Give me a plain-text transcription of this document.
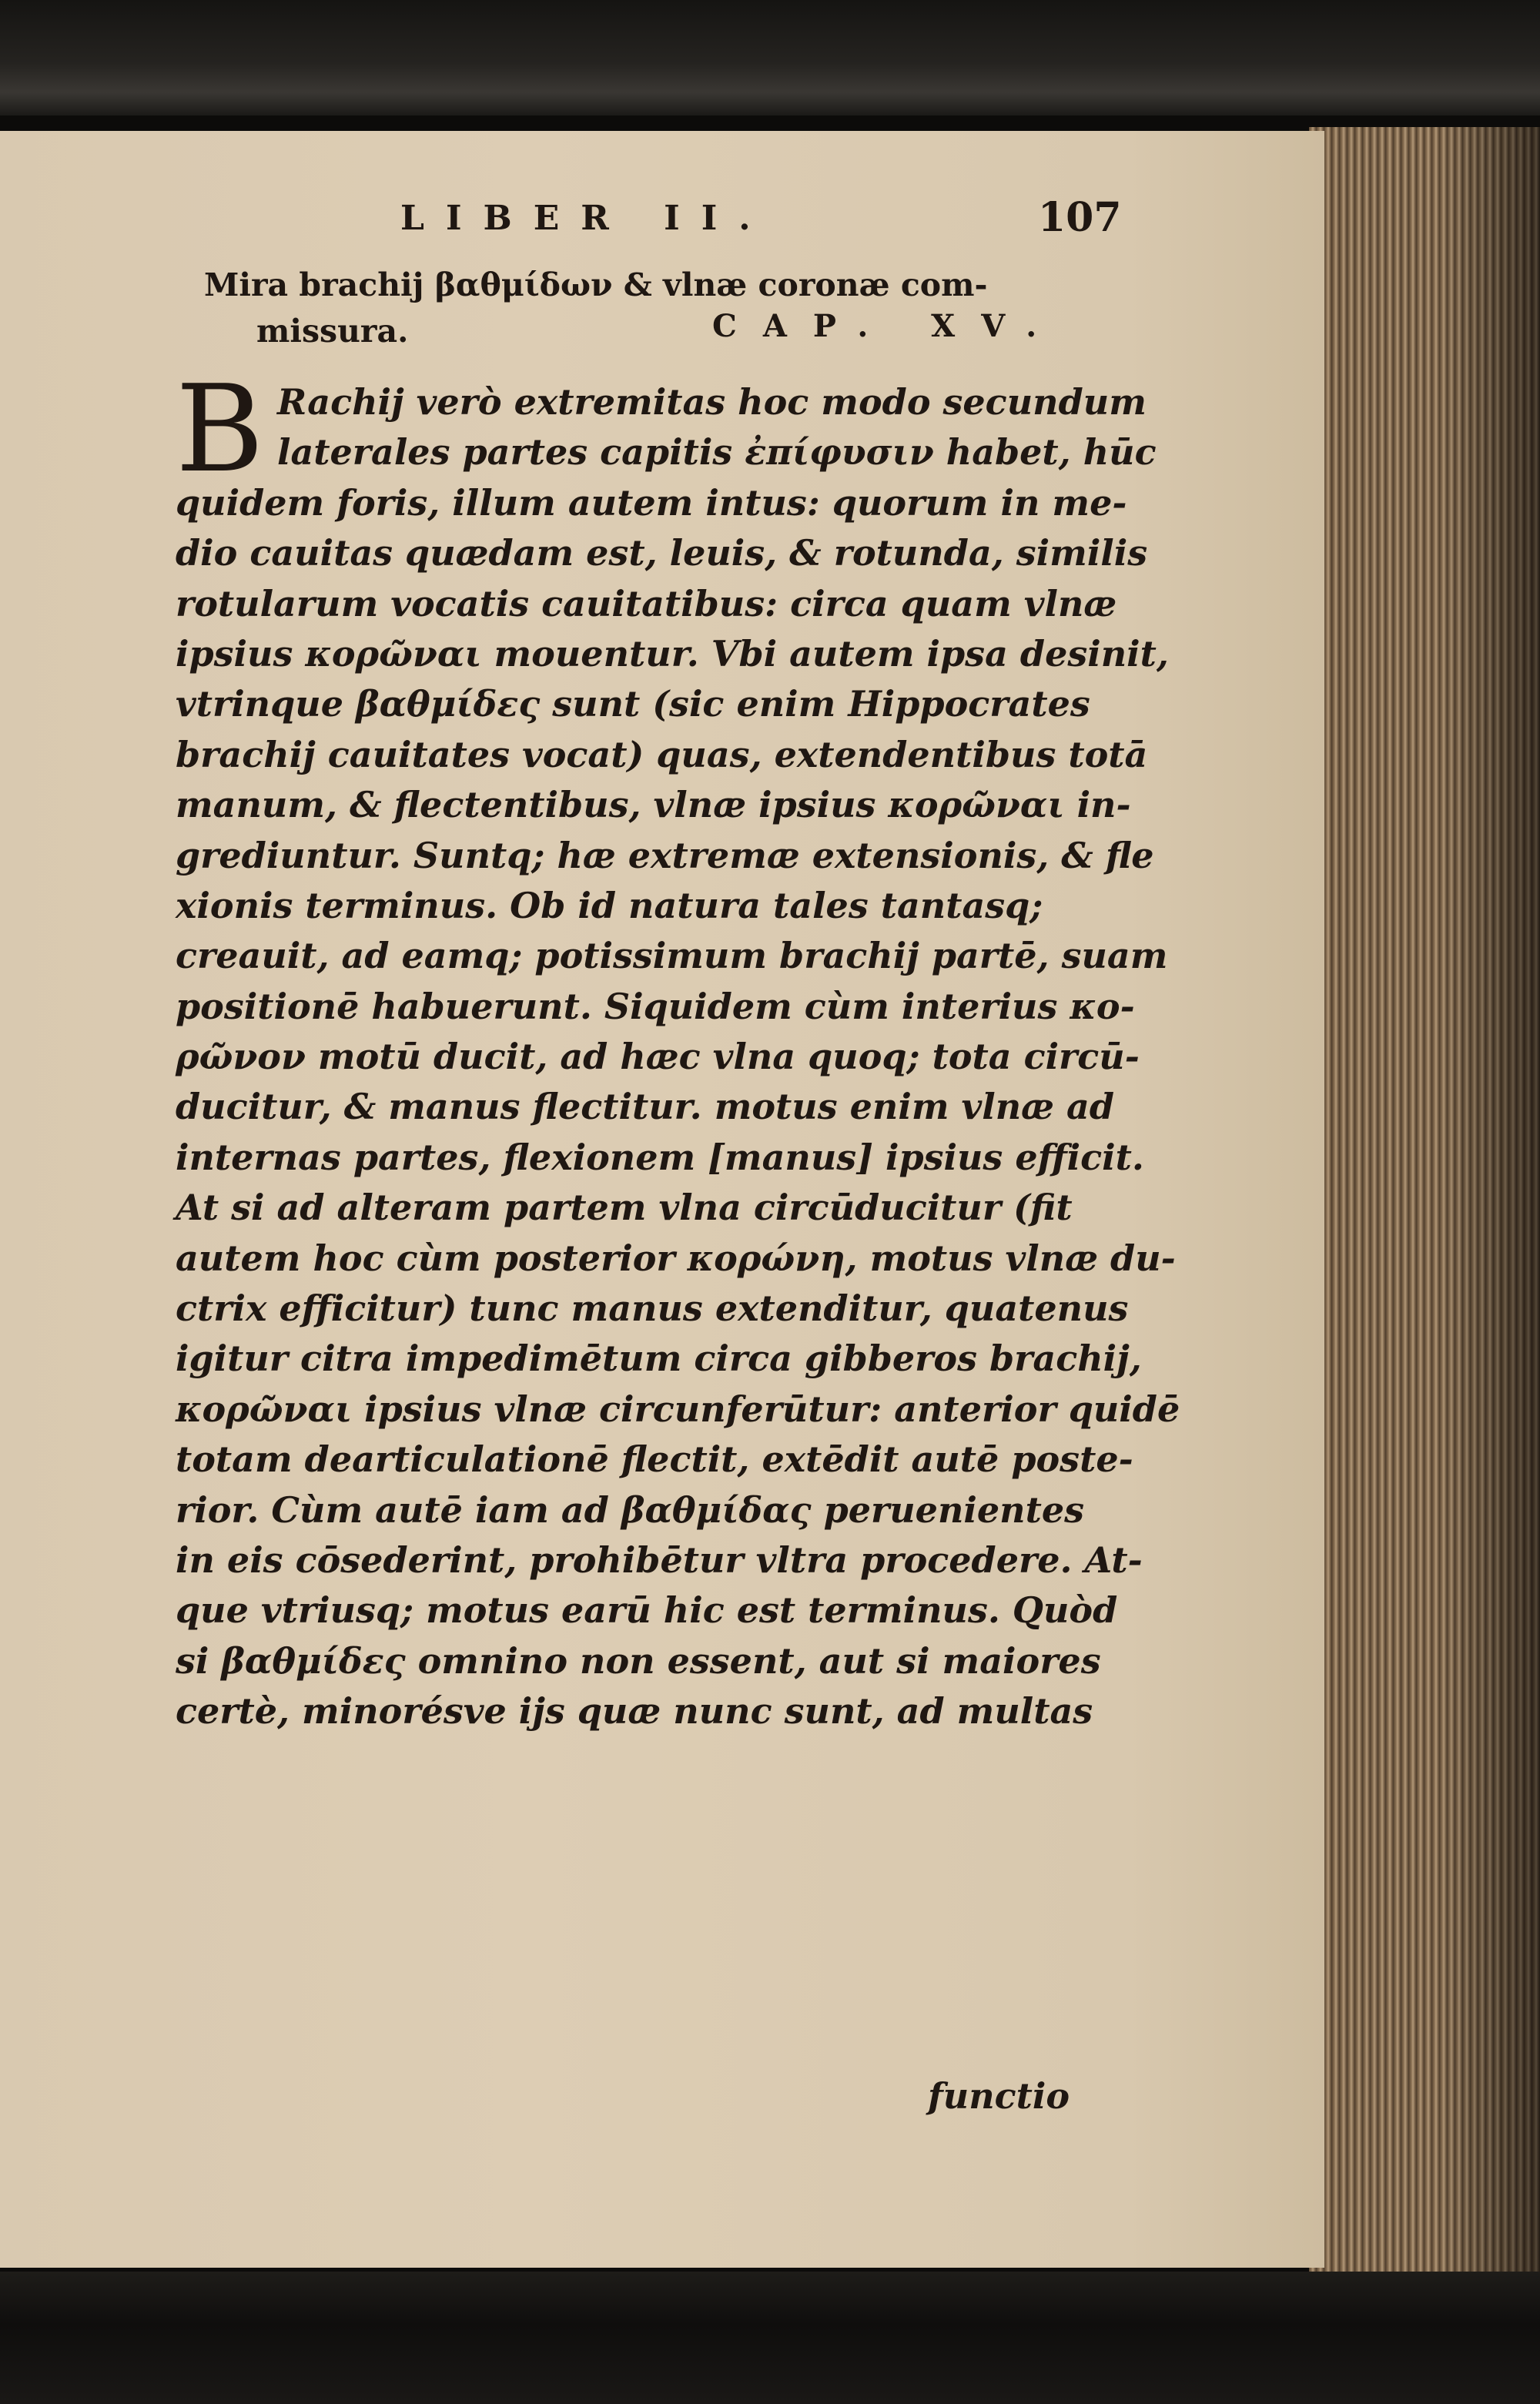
LIBER II.	107
Mira brachij βαθμίδων & vlnæ coronæ com-
missura.	CAP. XV.
B Rachij verò extremitas hoc modo secundum
laterales partes capitis ἐπίφυσιν habet, hūc
quidem foris, illum autem intus: quorum in me-
dio cauitas quædam est, leuis, & rotunda, similis
rotularum vocatis cauitatibus: circa quam vlnæ
ipsius κορῶναι mouentur. Vbi autem ipsa desinit,
vtrinque βαθμίδες sunt (sic enim Hippocrates
brachij cauitates vocat) quas, extendentibus totā
manum, & flectentibus, vlnæ ipsius κορῶναι in-
grediuntur. Suntq; hæ extremæ extensionis, & fle
xionis terminus. Ob id natura tales tantasq;
creauit, ad eamq; potissimum brachij partē, suam
positionē habuerunt. Siquidem cùm interius κο-
ρῶνον motū ducit, ad hæc vlna quoq; tota circū-
ducitur, & manus flectitur. motus enim vlnæ ad
internas partes, flexionem [manus] ipsius efficit.
At si ad alteram partem vlna circūducitur (fit
autem hoc cùm posterior κορώνη, motus vlnæ du-
ctrix efficitur) tunc manus extenditur, quatenus
igitur citra impedimētum circa gibberos brachij,
κορῶναι ipsius vlnæ circunferūtur: anterior quidē
totam dearticulationē flectit, extēdit autē poste-
rior. Cùm autē iam ad βαθμίδας peruenientes
in eis cōsederint, prohibētur vltra procedere. At-
que vtriusq; motus earū hic est terminus. Quòd
si βαθμίδες omnino non essent, aut si maiores
certè, minorésve ijs quæ nunc sunt, ad multas
functio
